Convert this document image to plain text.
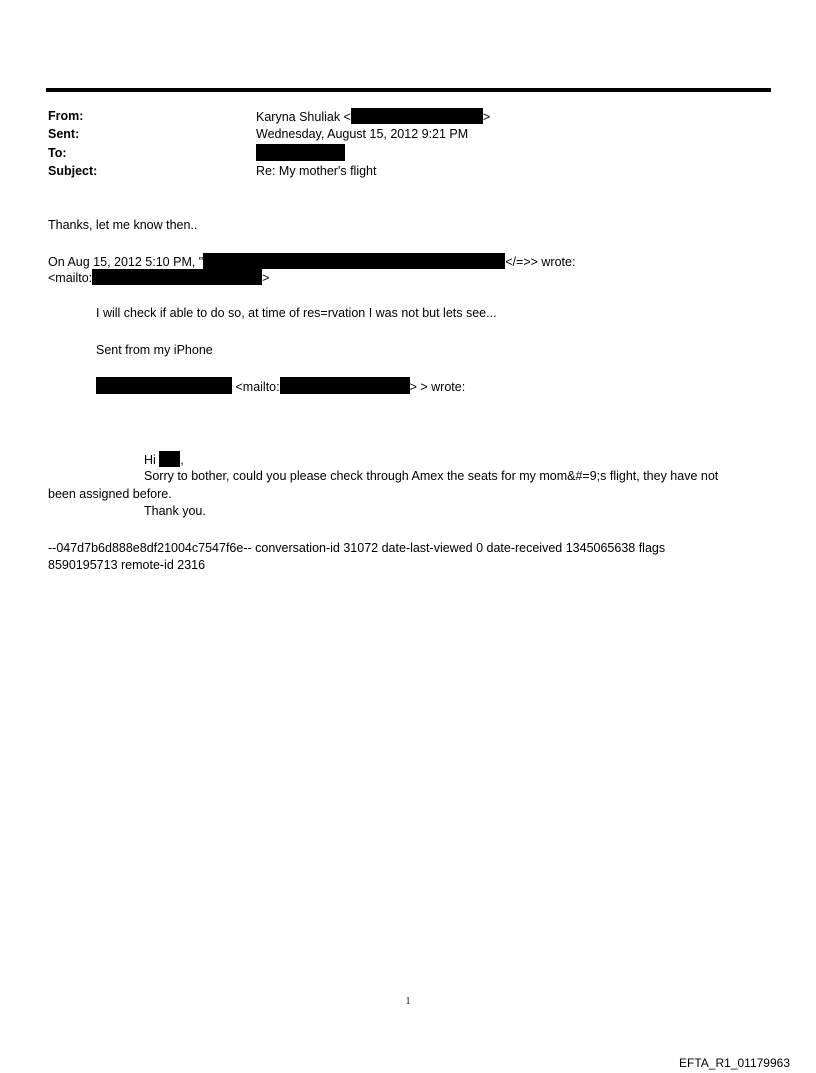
From:	Karyna Shuliak <	>
Sent:	Wednesday, August 15, 2012 9:21 PM
To:
Subject:	Re: My mother's flight
Thanks, let me know then..
On Aug 15, 2012 5:10 PM, "	</=>> wrote:
<mailto:	>
I will check if able to do so, at time of res=rvation I was not but lets see...
Sent from my iPhone
<mailto:	> > wrote:
Hi ,
Sorry to bother, could you please check through Amex the seats for my mom&#=9;s flight, they have not
been assigned before.
Thank you.
--047d7b6d888e8df21004c7547f6e-- conversation-id 31072 date-last-viewed 0 date-received 1345065638 flags
8590195713 remote-id 2316
1
EFTA_R1_01179963
